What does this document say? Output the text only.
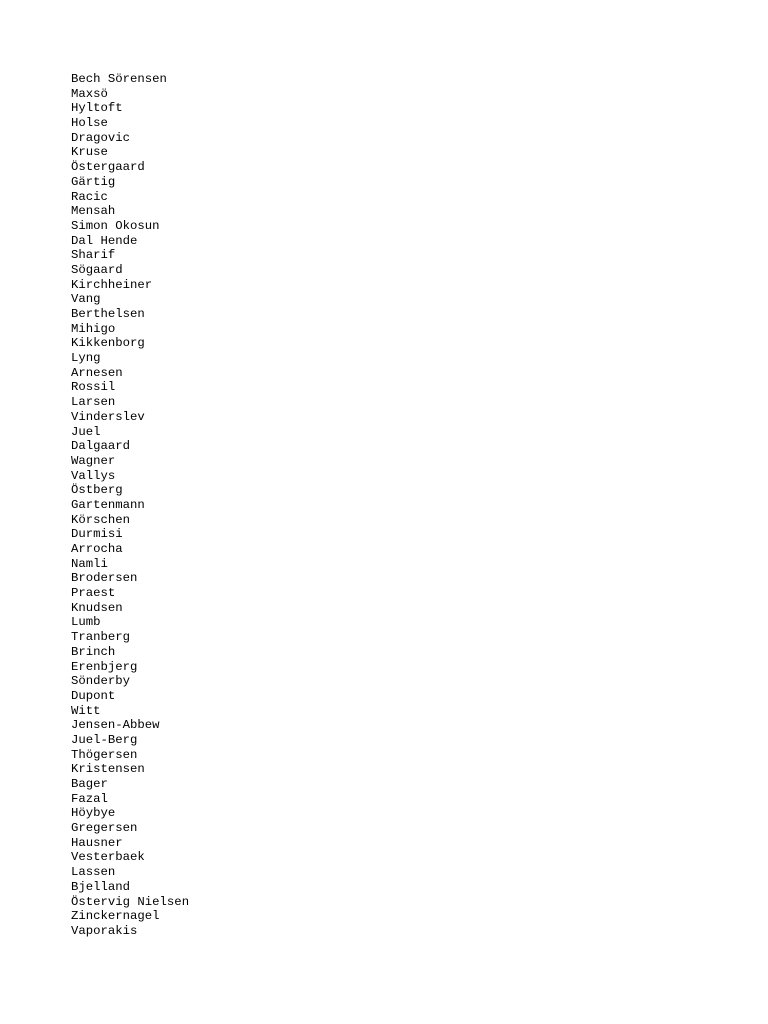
Bech Sörensen
Maxsö
Hyltoft
Holse
Dragovic
Kruse
Östergaard
Gärtig
Racic
Mensah
Simon Okosun
Dal Hende
Sharif
Sögaard
Kirchheiner
Vang
Berthelsen
Mihigo
Kikkenborg
Lyng
Arnesen
Rossil
Larsen
Vinderslev
Juel
Dalgaard
Wagner
Vallys
Östberg
Gartenmann
Körschen
Durmisi
Arrocha
Namli
Brodersen
Praest
Knudsen
Lumb
Tranberg
Brinch
Erenbjerg
Sönderby
Dupont
Witt
Jensen-Abbew
Juel-Berg
Thögersen
Kristensen
Bager
Fazal
Höybye
Gregersen
Hausner
Vesterbaek
Lassen
Bjelland
Östervig Nielsen
Zinckernagel
Vaporakis
